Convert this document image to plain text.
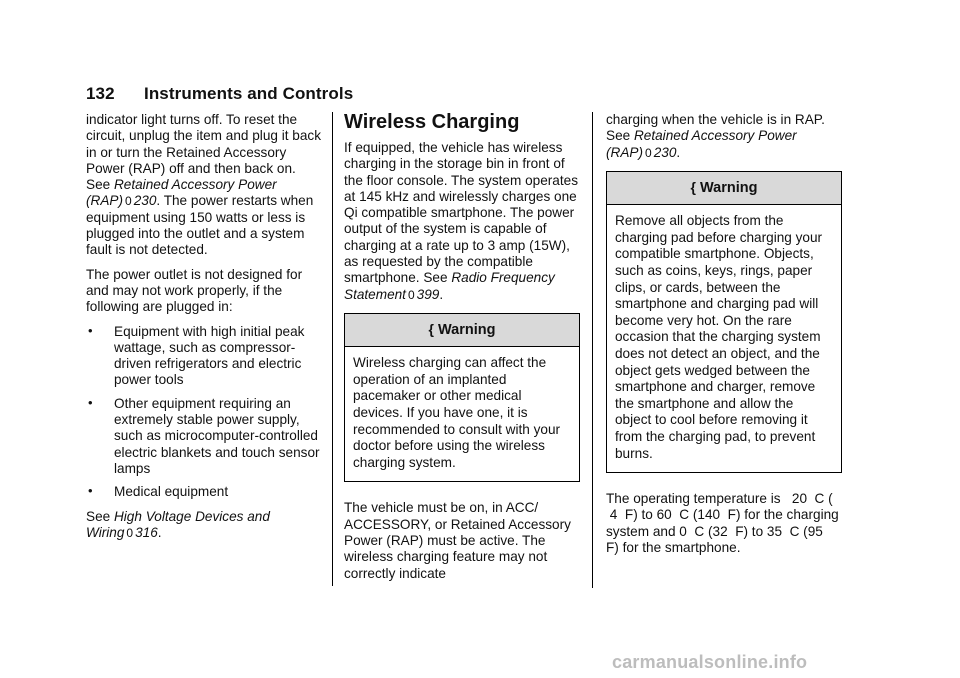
132 Instruments and Controls

indicator light turns off. To reset the circuit, unplug the item and plug it back in or turn the Retained Accessory Power (RAP) off and then back on. See Retained Accessory Power (RAP) 0 230. The power restarts when equipment using 150 watts or less is plugged into the outlet and a system fault is not detected.

The power outlet is not designed for and may not work properly, if the following are plugged in:

• Equipment with high initial peak wattage, such as compressor-driven refrigerators and electric power tools
• Other equipment requiring an extremely stable power supply, such as microcomputer-controlled electric blankets and touch sensor lamps
• Medical equipment

See High Voltage Devices and Wiring 0 316.

Wireless Charging

If equipped, the vehicle has wireless charging in the storage bin in front of the floor console. The system operates at 145 kHz and wirelessly charges one Qi compatible smartphone. The power output of the system is capable of charging at a rate up to 3 amp (15W), as requested by the compatible smartphone. See Radio Frequency Statement 0 399.

{ Warning
Wireless charging can affect the operation of an implanted pacemaker or other medical devices. If you have one, it is recommended to consult with your doctor before using the wireless charging system.

The vehicle must be on, in ACC/ ACCESSORY, or Retained Accessory Power (RAP) must be active. The wireless charging feature may not correctly indicate

charging when the vehicle is in RAP. See Retained Accessory Power (RAP) 0 230.

{ Warning
Remove all objects from the charging pad before charging your compatible smartphone. Objects, such as coins, keys, rings, paper clips, or cards, between the smartphone and charging pad will become very hot. On the rare occasion that the charging system does not detect an object, and the object gets wedged between the smartphone and charger, remove the smartphone and allow the object to cool before removing it from the charging pad, to prevent burns.

The operating temperature is   20  C (  4  F) to 60  C (140  F) for the charging system and 0  C (32  F) to 35  C (95  F) for the smartphone.

carmanualsonline.info
